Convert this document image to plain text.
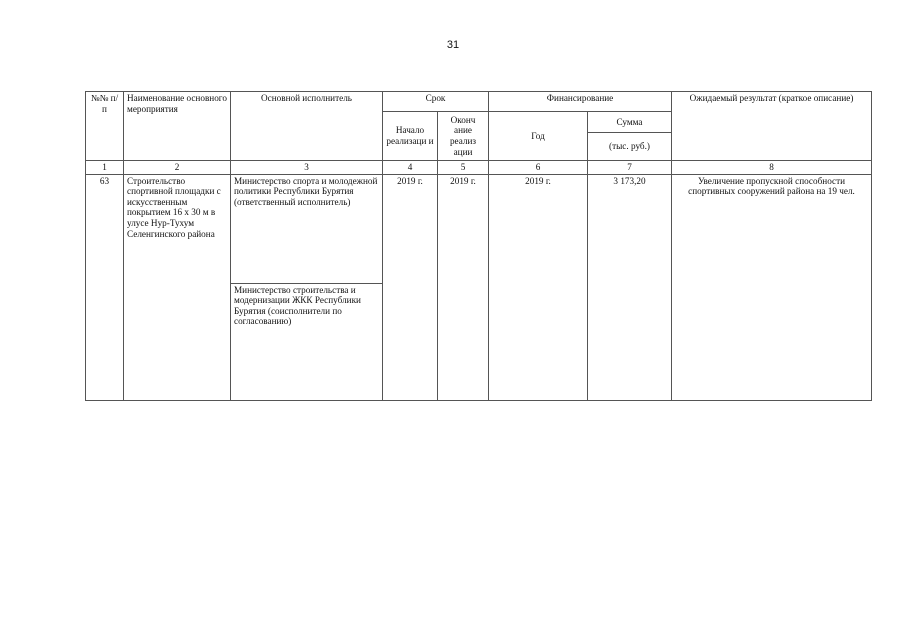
31
№№ п/п	Наименование основного мероприятия	Основной исполнитель	Срок		Финансирование		Ожидаемый результат (краткое описание)
			Начало реализаци и	Оконч ание реализ ации	Год	Сумма	
						(тыс. руб.)	
1	2	3	4	5	6	7	8
63	Строительство спортивной площадки с искусственным покрытием 16 х 30 м в улусе Нур-Тухум Селенгинского района	Министерство спорта и молодежной политики Республики Бурятия (ответственный исполнитель)	2019 г.	2019 г.	2019 г.	3 173,20	Увеличение пропускной способности спортивных сооружений района на 19 чел.
		Министерство строительства и модернизации ЖКК Республики Бурятия (соисполнители по согласованию)					
